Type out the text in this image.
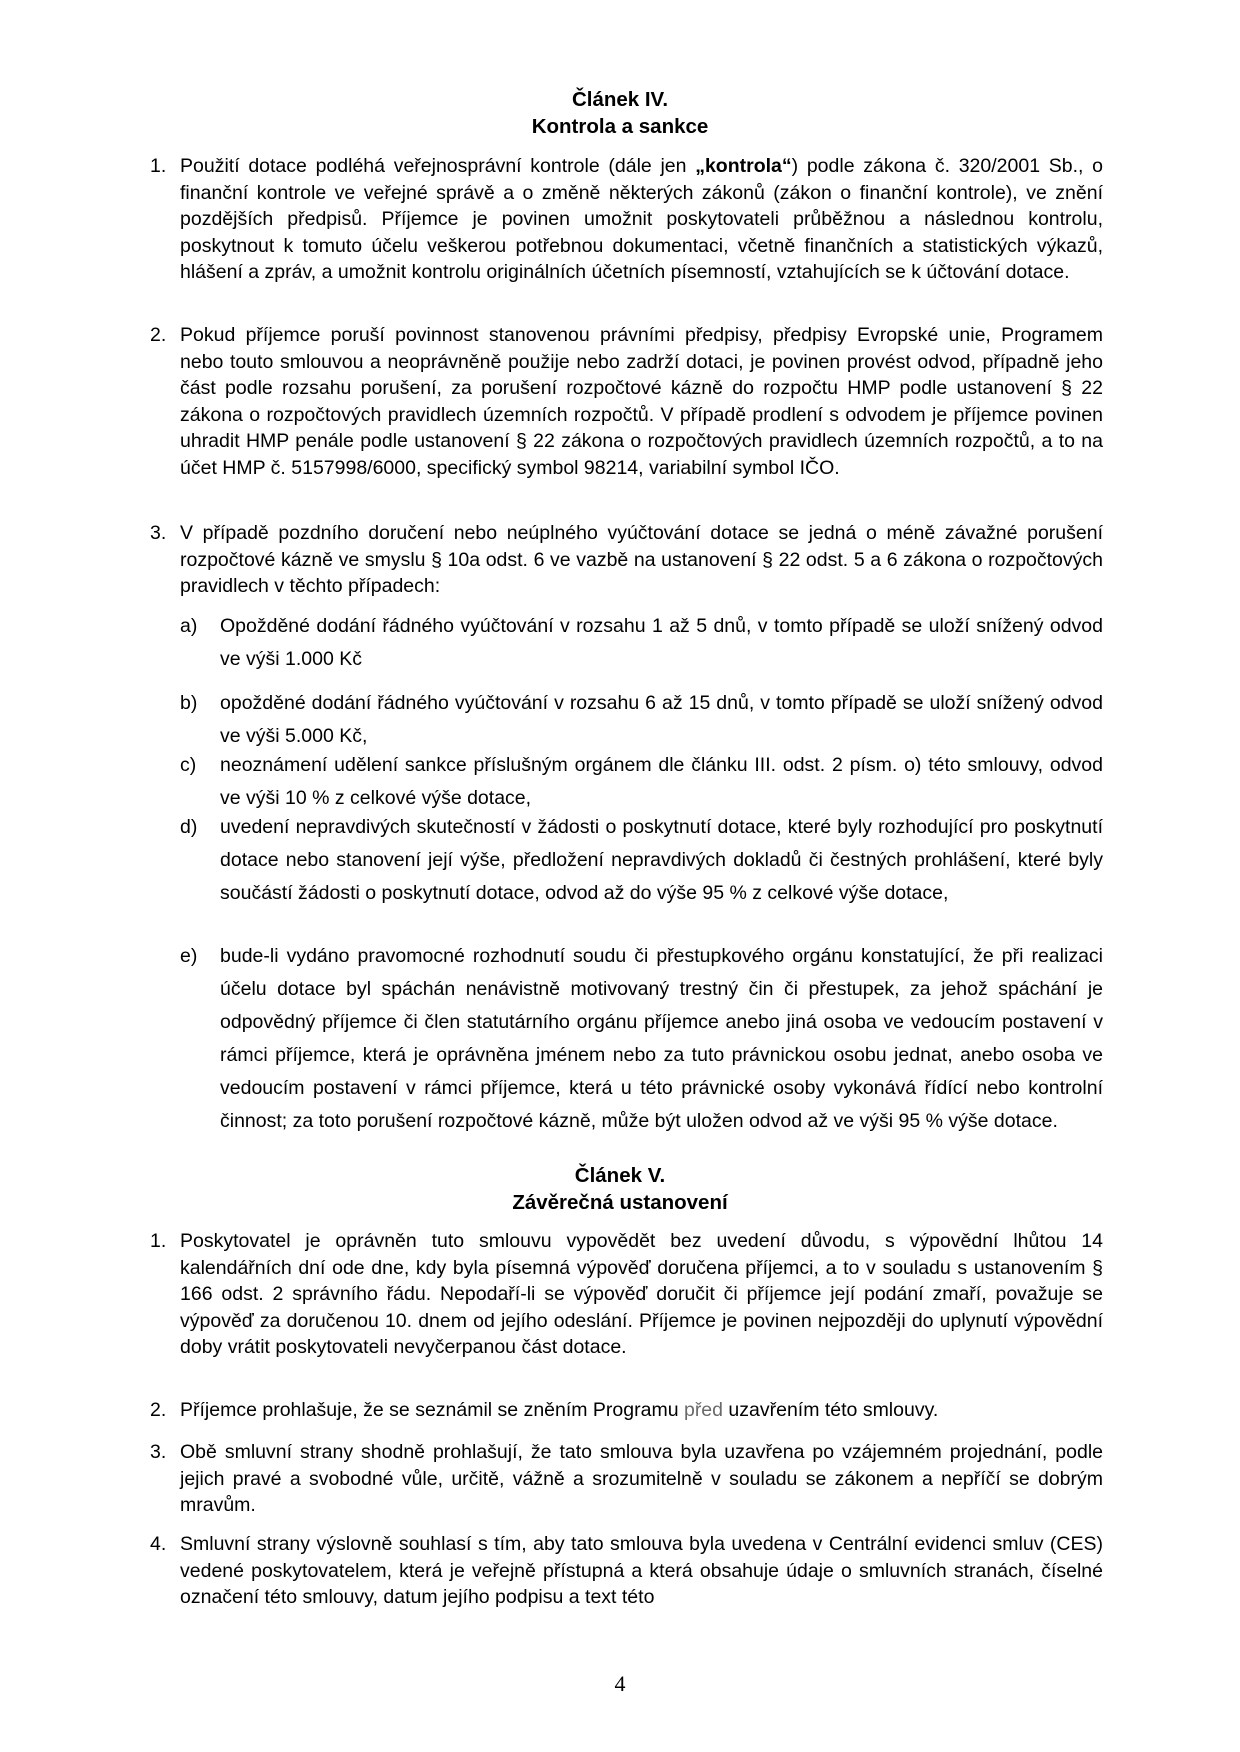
Článek IV.
Kontrola a sankce
1. Použití dotace podléhá veřejnosprávní kontrole (dále jen „kontrola“) podle zákona č. 320/2001 Sb., o finanční kontrole ve veřejné správě a o změně některých zákonů (zákon o finanční kontrole), ve znění pozdějších předpisů. Příjemce je povinen umožnit poskytovateli průběžnou a následnou kontrolu, poskytnout k tomuto účelu veškerou potřebnou dokumentaci, včetně finančních a statistických výkazů, hlášení a zpráv, a umožnit kontrolu originálních účetních písemností, vztahujících se k účtování dotace.
2. Pokud příjemce poruší povinnost stanovenou právními předpisy, předpisy Evropské unie, Programem nebo touto smlouvou a neoprávněně použije nebo zadrží dotaci, je povinen provést odvod, případně jeho část podle rozsahu porušení, za porušení rozpočtové kázně do rozpočtu HMP podle ustanovení § 22 zákona o rozpočtových pravidlech územních rozpočtů. V případě prodlení s odvodem je příjemce povinen uhradit HMP penále podle ustanovení § 22 zákona o rozpočtových pravidlech územních rozpočtů, a to na účet HMP č. 5157998/6000, specifický symbol 98214, variabilní symbol IČO.
3. V případě pozdního doručení nebo neúplného vyúčtování dotace se jedná o méně závažné porušení rozpočtové kázně ve smyslu § 10a odst. 6 ve vazbě na ustanovení § 22 odst. 5 a 6 zákona o rozpočtových pravidlech v těchto případech:
a)	Opožděné dodání řádného vyúčtování v rozsahu 1 až 5 dnů, v tomto případě se uloží snížený odvod ve výši 1.000 Kč
b)	opožděné dodání řádného vyúčtování v rozsahu 6 až 15 dnů, v tomto případě se uloží snížený odvod ve výši 5.000 Kč,
c)	neoznámení udělení sankce příslušným orgánem dle článku III. odst. 2 písm. o) této smlouvy, odvod ve výši 10 % z celkové výše dotace,
d)	uvedení nepravdivých skutečností v žádosti o poskytnutí dotace, které byly rozhodující pro poskytnutí dotace nebo stanovení její výše, předložení nepravdivých dokladů či čestných prohlášení, které byly součástí žádosti o poskytnutí dotace, odvod až do výše 95 % z celkové výše dotace,
e)	bude-li vydáno pravomocné rozhodnutí soudu či přestupkového orgánu konstatující, že při realizaci účelu dotace byl spáchán nenávistně motivovaný trestný čin či přestupek, za jehož spáchání je odpovědný příjemce či člen statutárního orgánu příjemce anebo jiná osoba ve vedoucím postavení v rámci příjemce, která je oprávněna jménem nebo za tuto právnickou osobu jednat, anebo osoba ve vedoucím postavení v rámci příjemce, která u této právnické osoby vykonává řídící nebo kontrolní činnost; za toto porušení rozpočtové kázně, může být uložen odvod až ve výši 95 % výše dotace.
Článek V.
Závěrečná ustanovení
1. Poskytovatel je oprávněn tuto smlouvu vypovědět bez uvedení důvodu, s výpovědní lhůtou 14 kalendářních dní ode dne, kdy byla písemná výpověď doručena příjemci, a to v souladu s ustanovením § 166 odst. 2 správního řádu. Nepodaří-li se výpověď doručit či příjemce její podání zmaří, považuje se výpověď za doručenou 10. dnem od jejího odeslání. Příjemce je povinen nejpozději do uplynutí výpovědní doby vrátit poskytovateli nevyčerpanou část dotace.
2. Příjemce prohlašuje, že se seznámil se zněním Programu před uzavřením této smlouvy.
3. Obě smluvní strany shodně prohlašují, že tato smlouva byla uzavřena po vzájemném projednání, podle jejich pravé a svobodné vůle, určitě, vážně a srozumitelně v souladu se zákonem a nepříčí se dobrým mravům.
4. Smluvní strany výslovně souhlasí s tím, aby tato smlouva byla uvedena v Centrální evidenci smluv (CES) vedené poskytovatelem, která je veřejně přístupná a která obsahuje údaje o smluvních stranách, číselné označení této smlouvy, datum jejího podpisu a text této
4
